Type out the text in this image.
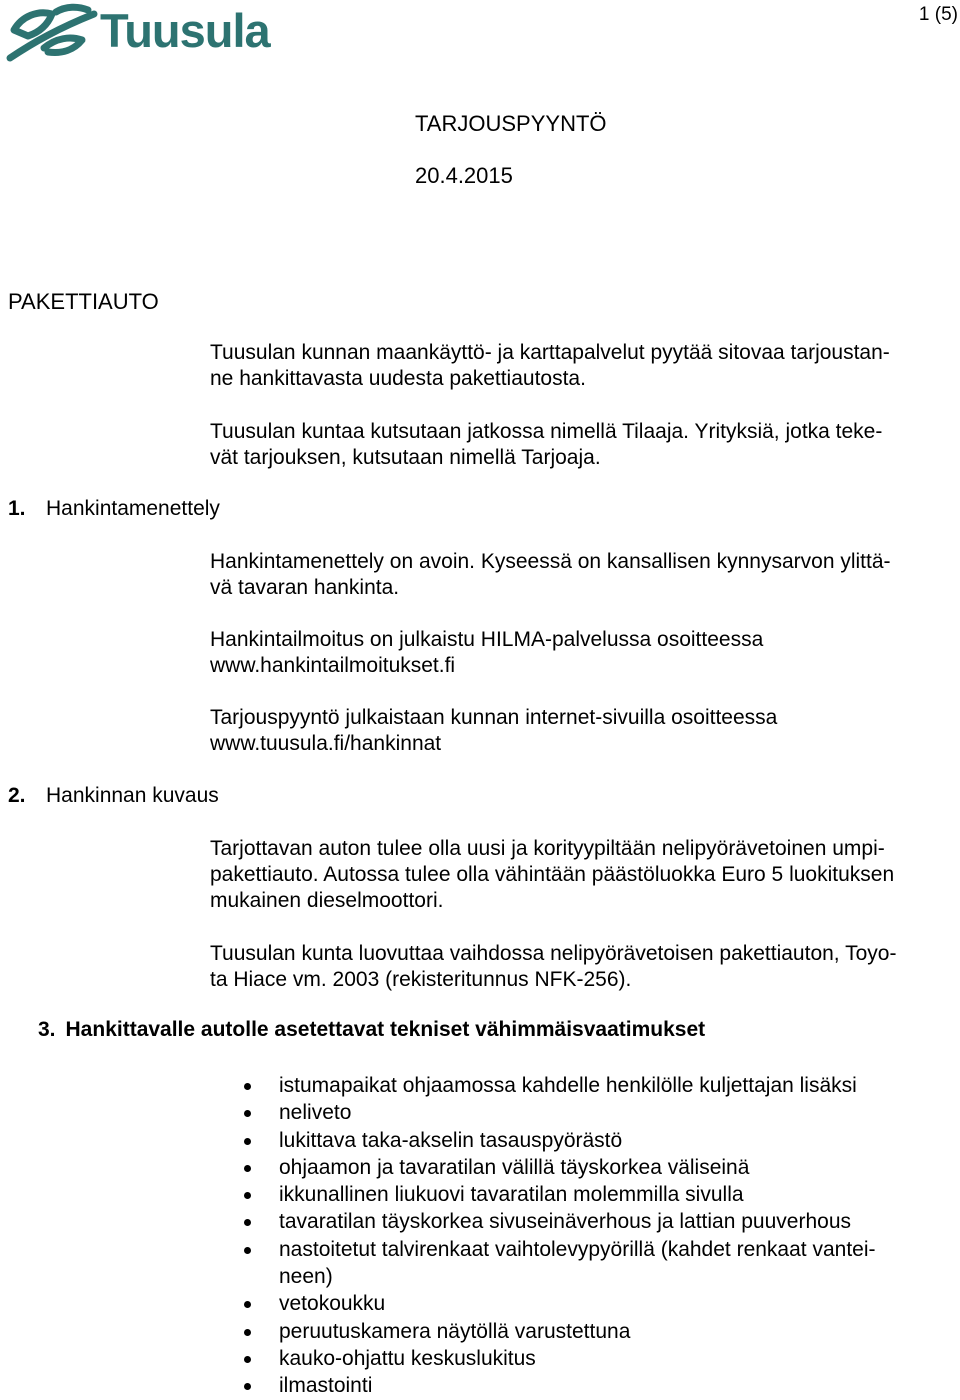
Tuusula	1 (5)
TARJOUSPYYNTÖ
20.4.2015
PAKETTIAUTO
Tuusulan kunnan maankäyttö- ja karttapalvelut pyytää sitovaa tarjoustan-
ne hankittavasta uudesta pakettiautosta.
Tuusulan kuntaa kutsutaan jatkossa nimellä Tilaaja. Yrityksiä, jotka teke-
vät tarjouksen, kutsutaan nimellä Tarjoaja.
1. Hankintamenettely
Hankintamenettely on avoin. Kyseessä on kansallisen kynnysarvon ylittä-
vä tavaran hankinta.
Hankintailmoitus on julkaistu HILMA-palvelussa osoitteessa
www.hankintailmoitukset.fi
Tarjouspyyntö julkaistaan kunnan internet-sivuilla osoitteessa
www.tuusula.fi/hankinnat
2. Hankinnan kuvaus
Tarjottavan auton tulee olla uusi ja korityypiltään nelipyörävetoinen umpi-
pakettiauto. Autossa tulee olla vähintään päästöluokka Euro 5 luokituksen
mukainen dieselmoottori.
Tuusulan kunta luovuttaa vaihdossa nelipyörävetoisen pakettiauton, Toyo-
ta Hiace vm. 2003 (rekisteritunnus NFK-256).
3. Hankittavalle autolle asetettavat tekniset vähimmäisvaatimukset
istumapaikat ohjaamossa kahdelle henkilölle kuljettajan lisäksi
neliveto
lukittava taka-akselin tasauspyörästö
ohjaamon ja tavaratilan välillä täyskorkea väliseinä
ikkunallinen liukuovi tavaratilan molemmilla sivulla
tavaratilan täyskorkea sivuseinäverhous ja lattian puuverhous
nastoitetut talvirenkaat vaihtolevypyörillä (kahdet renkaat vantei-
neen)
vetokoukku
peruutuskamera näytöllä varustettuna
kauko-ohjattu keskuslukitus
ilmastointi
